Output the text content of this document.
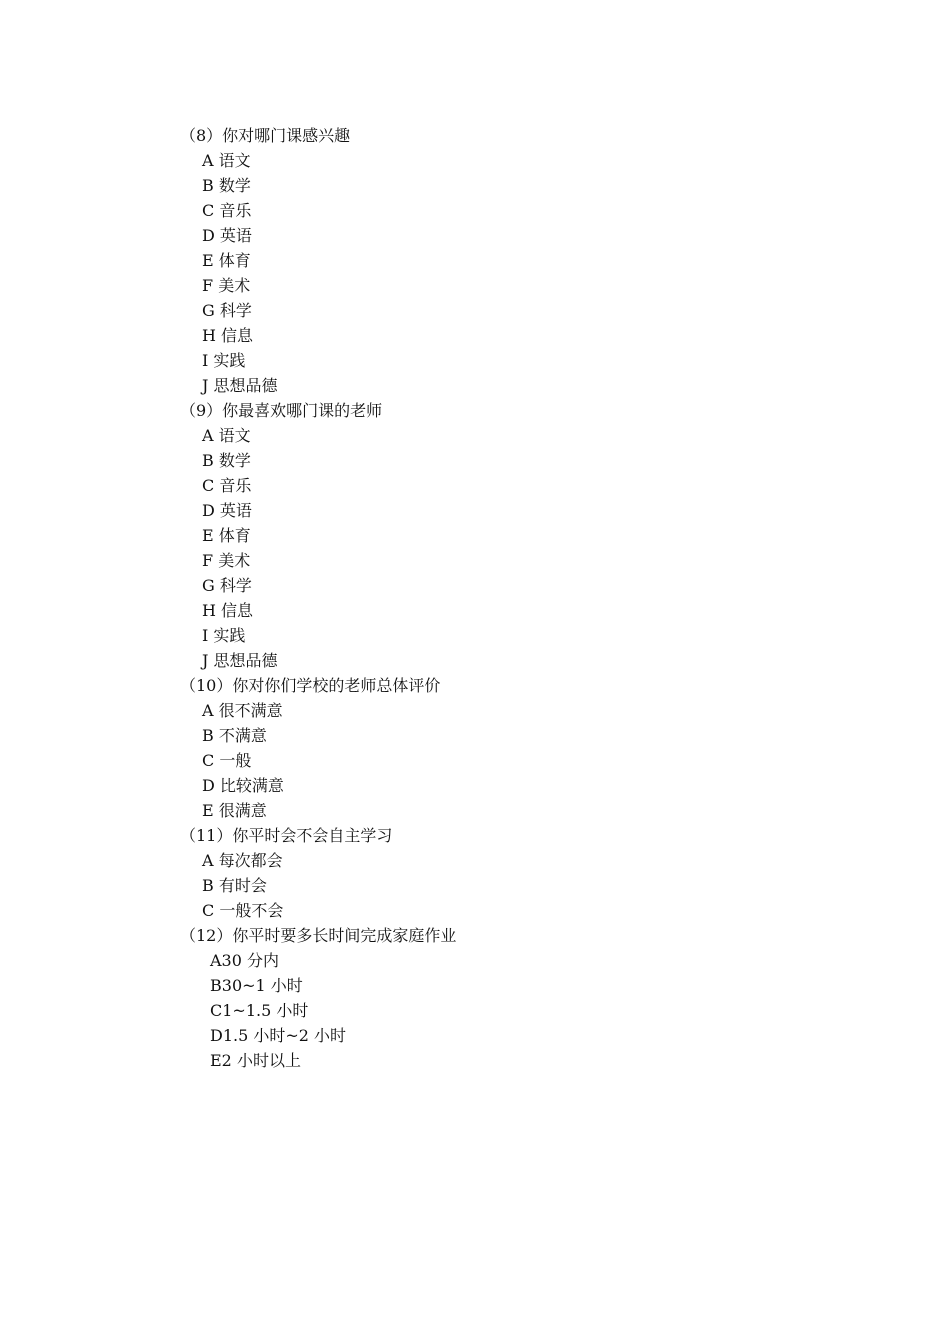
（8）你对哪门课感兴趣
A 语文
B 数学
C 音乐
D 英语
E 体育
F 美术
G 科学
H 信息
I 实践
J 思想品德
（9）你最喜欢哪门课的老师
A 语文
B 数学
C 音乐
D 英语
E 体育
F 美术
G 科学
H 信息
I 实践
J 思想品德
（10）你对你们学校的老师总体评价
A 很不满意
B 不满意
C 一般
D 比较满意
E 很满意
（11）你平时会不会自主学习
A 每次都会
B 有时会
C 一般不会
（12）你平时要多长时间完成家庭作业
A30 分内
B30~1 小时
C1~1.5 小时
D1.5 小时~2 小时
E2 小时以上
